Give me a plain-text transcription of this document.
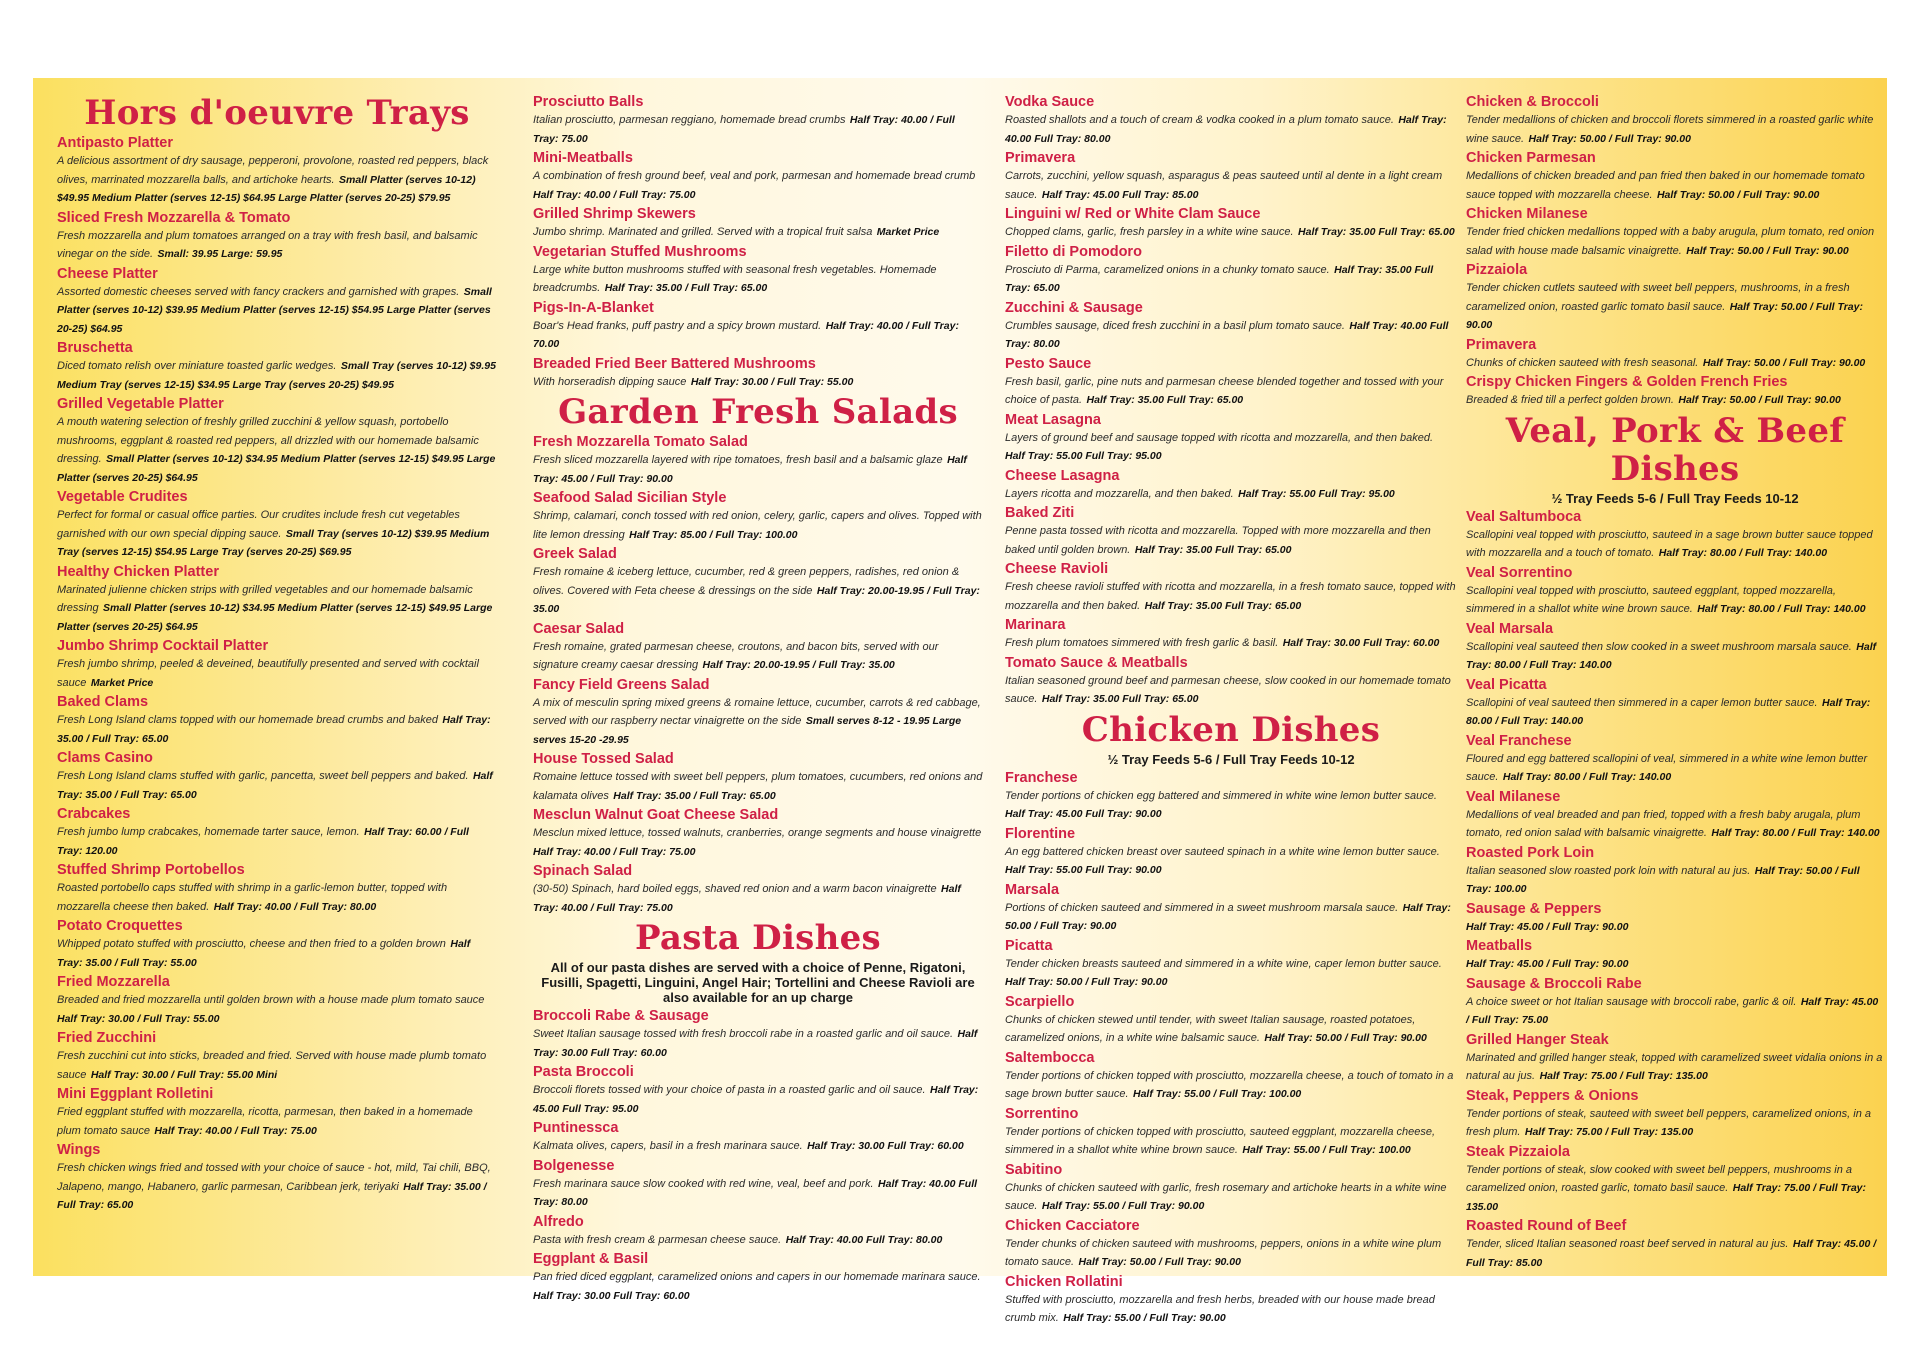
Hors d'oeuvre Trays
Antipasto Platter
A delicious assortment of dry sausage, pepperoni, provolone, roasted red peppers, black olives, marrinated mozzarella balls, and artichoke hearts. Small Platter (serves 10-12) $49.95 Medium Platter (serves 12-15) $64.95 Large Platter (serves 20-25) $79.95
Sliced Fresh Mozzarella & Tomato
Fresh mozzarella and plum tomatoes arranged on a tray with fresh basil, and balsamic vinegar on the side. Small: 39.95 Large: 59.95
Cheese Platter
Assorted domestic cheeses served with fancy crackers and garnished with grapes. Small Platter (serves 10-12) $39.95 Medium Platter (serves 12-15) $54.95 Large Platter (serves 20-25) $64.95
Bruschetta
Diced tomato relish over miniature toasted garlic wedges. Small Tray (serves 10-12) $9.95 Medium Tray (serves 12-15) $34.95 Large Tray (serves 20-25) $49.95
Grilled Vegetable Platter
A mouth watering selection of freshly grilled zucchini & yellow squash, portobello mushrooms, eggplant & roasted red peppers, all drizzled with our homemade balsamic dressing. Small Platter (serves 10-12) $34.95 Medium Platter (serves 12-15) $49.95 Large Platter (serves 20-25) $64.95
Vegetable Crudites
Perfect for formal or casual office parties. Our crudites include fresh cut vegetables garnished with our own special dipping sauce. Small Tray (serves 10-12) $39.95 Medium Tray (serves 12-15) $54.95 Large Tray (serves 20-25) $69.95
Healthy Chicken Platter
Marinated julienne chicken strips with grilled vegetables and our homemade balsamic dressing Small Platter (serves 10-12) $34.95 Medium Platter (serves 12-15) $49.95 Large Platter (serves 20-25) $64.95
Jumbo Shrimp Cocktail Platter
Fresh jumbo shrimp, peeled & deveined, beautifully presented and served with cocktail sauce Market Price
Baked Clams
Fresh Long Island clams topped with our homemade bread crumbs and baked Half Tray: 35.00 / Full Tray: 65.00
Clams Casino
Fresh Long Island clams stuffed with garlic, pancetta, sweet bell peppers and baked. Half Tray: 35.00 / Full Tray: 65.00
Crabcakes
Fresh jumbo lump crabcakes, homemade tarter sauce, lemon. Half Tray: 60.00 / Full Tray: 120.00
Stuffed Shrimp Portobellos
Roasted portobello caps stuffed with shrimp in a garlic-lemon butter, topped with mozzarella cheese then baked. Half Tray: 40.00 / Full Tray: 80.00
Potato Croquettes
Whipped potato stuffed with prosciutto, cheese and then fried to a golden brown Half Tray: 35.00 / Full Tray: 55.00
Fried Mozzarella
Breaded and fried mozzarella until golden brown with a house made plum tomato sauce Half Tray: 30.00 / Full Tray: 55.00
Fried Zucchini
Fresh zucchini cut into sticks, breaded and fried. Served with house made plumb tomato sauce Half Tray: 30.00 / Full Tray: 55.00 Mini
Mini Eggplant Rolletini
Fried eggplant stuffed with mozzarella, ricotta, parmesan, then baked in a homemade plum tomato sauce Half Tray: 40.00 / Full Tray: 75.00
Wings
Fresh chicken wings fried and tossed with your choice of sauce - hot, mild, Tai chili, BBQ, Jalapeno, mango, Habanero, garlic parmesan, Caribbean jerk, teriyaki Half Tray: 35.00 / Full Tray: 65.00
Prosciutto Balls
Italian prosciutto, parmesan reggiano, homemade bread crumbs Half Tray: 40.00 / Full Tray: 75.00
Mini-Meatballs
A combination of fresh ground beef, veal and pork, parmesan and homemade bread crumb Half Tray: 40.00 / Full Tray: 75.00
Grilled Shrimp Skewers
Jumbo shrimp. Marinated and grilled. Served with a tropical fruit salsa Market Price
Vegetarian Stuffed Mushrooms
Large white button mushrooms stuffed with seasonal fresh vegetables. Homemade breadcrumbs. Half Tray: 35.00 / Full Tray: 65.00
Pigs-In-A-Blanket
Boar's Head franks, puff pastry and a spicy brown mustard. Half Tray: 40.00 / Full Tray: 70.00
Breaded Fried Beer Battered Mushrooms
With horseradish dipping sauce Half Tray: 30.00 / Full Tray: 55.00
Garden Fresh Salads
Fresh Mozzarella Tomato Salad
Fresh sliced mozzarella layered with ripe tomatoes, fresh basil and a balsamic glaze Half Tray: 45.00 / Full Tray: 90.00
Seafood Salad Sicilian Style
Shrimp, calamari, conch tossed with red onion, celery, garlic, capers and olives. Topped with lite lemon dressing Half Tray: 85.00 / Full Tray: 100.00
Greek Salad
Fresh romaine & iceberg lettuce, cucumber, red & green peppers, radishes, red onion & olives. Covered with Feta cheese & dressings on the side Half Tray: 20.00-19.95 / Full Tray: 35.00
Caesar Salad
Fresh romaine, grated parmesan cheese, croutons, and bacon bits, served with our signature creamy caesar dressing Half Tray: 20.00-19.95 / Full Tray: 35.00
Fancy Field Greens Salad
A mix of mesculin spring mixed greens & romaine lettuce, cucumber, carrots & red cabbage, served with our raspberry nectar vinaigrette on the side Small serves 8-12 - 19.95 Large serves 15-20 -29.95
House Tossed Salad
Romaine lettuce tossed with sweet bell peppers, plum tomatoes, cucumbers, red onions and kalamata olives Half Tray: 35.00 / Full Tray: 65.00
Mesclun Walnut Goat Cheese Salad
Mesclun mixed lettuce, tossed walnuts, cranberries, orange segments and house vinaigrette Half Tray: 40.00 / Full Tray: 75.00
Spinach Salad
(30-50) Spinach, hard boiled eggs, shaved red onion and a warm bacon vinaigrette Half Tray: 40.00 / Full Tray: 75.00
Pasta Dishes
All of our pasta dishes are served with a choice of Penne, Rigatoni, Fusilli, Spagetti, Linguini, Angel Hair; Tortellini and Cheese Ravioli are also available for an up charge
Broccoli Rabe & Sausage
Sweet Italian sausage tossed with fresh broccoli rabe in a roasted garlic and oil sauce. Half Tray: 30.00 Full Tray: 60.00
Pasta Broccoli
Broccoli florets tossed with your choice of pasta in a roasted garlic and oil sauce. Half Tray: 45.00 Full Tray: 95.00
Puntinessca
Kalmata olives, capers, basil in a fresh marinara sauce. Half Tray: 30.00 Full Tray: 60.00
Bolgenesse
Fresh marinara sauce slow cooked with red wine, veal, beef and pork. Half Tray: 40.00 Full Tray: 80.00
Alfredo
Pasta with fresh cream & parmesan cheese sauce. Half Tray: 40.00 Full Tray: 80.00
Eggplant & Basil
Pan fried diced eggplant, caramelized onions and capers in our homemade marinara sauce. Half Tray: 30.00 Full Tray: 60.00
Vodka Sauce
Roasted shallots and a touch of cream & vodka cooked in a plum tomato sauce. Half Tray: 40.00 Full Tray: 80.00
Primavera
Carrots, zucchini, yellow squash, asparagus & peas sauteed until al dente in a light cream sauce. Half Tray: 45.00 Full Tray: 85.00
Linguini w/ Red or White Clam Sauce
Chopped clams, garlic, fresh parsley in a white wine sauce. Half Tray: 35.00 Full Tray: 65.00
Filetto di Pomodoro
Prosciuto di Parma, caramelized onions in a chunky tomato sauce. Half Tray: 35.00 Full Tray: 65.00
Zucchini & Sausage
Crumbles sausage, diced fresh zucchini in a basil plum tomato sauce. Half Tray: 40.00 Full Tray: 80.00
Pesto Sauce
Fresh basil, garlic, pine nuts and parmesan cheese blended together and tossed with your choice of pasta. Half Tray: 35.00 Full Tray: 65.00
Meat Lasagna
Layers of ground beef and sausage topped with ricotta and mozzarella, and then baked. Half Tray: 55.00 Full Tray: 95.00
Cheese Lasagna
Layers ricotta and mozzarella, and then baked. Half Tray: 55.00 Full Tray: 95.00
Baked Ziti
Penne pasta tossed with ricotta and mozzarella. Topped with more mozzarella and then baked until golden brown. Half Tray: 35.00 Full Tray: 65.00
Cheese Ravioli
Fresh cheese ravioli stuffed with ricotta and mozzarella, in a fresh tomato sauce, topped with mozzarella and then baked. Half Tray: 35.00 Full Tray: 65.00
Marinara
Fresh plum tomatoes simmered with fresh garlic & basil. Half Tray: 30.00 Full Tray: 60.00
Tomato Sauce & Meatballs
Italian seasoned ground beef and parmesan cheese, slow cooked in our homemade tomato sauce. Half Tray: 35.00 Full Tray: 65.00
Chicken Dishes
½ Tray Feeds 5-6 / Full Tray Feeds 10-12
Franchese
Tender portions of chicken egg battered and simmered in white wine lemon butter sauce. Half Tray: 45.00 Full Tray: 90.00
Florentine
An egg battered chicken breast over sauteed spinach in a white wine lemon butter sauce. Half Tray: 55.00 Full Tray: 90.00
Marsala
Portions of chicken sauteed and simmered in a sweet mushroom marsala sauce. Half Tray: 50.00 / Full Tray: 90.00
Picatta
Tender chicken breasts sauteed and simmered in a white wine, caper lemon butter sauce. Half Tray: 50.00 / Full Tray: 90.00
Scarpiello
Chunks of chicken stewed until tender, with sweet Italian sausage, roasted potatoes, caramelized onions, in a white wine balsamic sauce. Half Tray: 50.00 / Full Tray: 90.00
Saltembocca
Tender portions of chicken topped with prosciutto, mozzarella cheese, a touch of tomato in a sage brown butter sauce. Half Tray: 55.00 / Full Tray: 100.00
Sorrentino
Tender portions of chicken topped with prosciutto, sauteed eggplant, mozzarella cheese, simmered in a shallot white whine brown sauce. Half Tray: 55.00 / Full Tray: 100.00
Sabitino
Chunks of chicken sauteed with garlic, fresh rosemary and artichoke hearts in a white wine sauce. Half Tray: 55.00 / Full Tray: 90.00
Chicken Cacciatore
Tender chunks of chicken sauteed with mushrooms, peppers, onions in a white wine plum tomato sauce. Half Tray: 50.00 / Full Tray: 90.00
Chicken Rollatini
Stuffed with prosciutto, mozzarella and fresh herbs, breaded with our house made bread crumb mix. Half Tray: 55.00 / Full Tray: 90.00
Chicken & Broccoli
Tender medallions of chicken and broccoli florets simmered in a roasted garlic white wine sauce. Half Tray: 50.00 / Full Tray: 90.00
Chicken Parmesan
Medallions of chicken breaded and pan fried then baked in our homemade tomato sauce topped with mozzarella cheese. Half Tray: 50.00 / Full Tray: 90.00
Chicken Milanese
Tender fried chicken medallions topped with a baby arugula, plum tomato, red onion salad with house made balsamic vinaigrette. Half Tray: 50.00 / Full Tray: 90.00
Pizzaiola
Tender chicken cutlets sauteed with sweet bell peppers, mushrooms, in a fresh caramelized onion, roasted garlic tomato basil sauce. Half Tray: 50.00 / Full Tray: 90.00
Primavera
Chunks of chicken sauteed with fresh seasonal. Half Tray: 50.00 / Full Tray: 90.00
Crispy Chicken Fingers & Golden French Fries
Breaded & fried till a perfect golden brown. Half Tray: 50.00 / Full Tray: 90.00
Veal, Pork & Beef Dishes
½ Tray Feeds 5-6 / Full Tray Feeds 10-12
Veal Saltumboca
Scallopini veal topped with prosciutto, sauteed in a sage brown butter sauce topped with mozzarella and a touch of tomato. Half Tray: 80.00 / Full Tray: 140.00
Veal Sorrentino
Scallopini veal topped with prosciutto, sauteed eggplant, topped mozzarella, simmered in a shallot white wine brown sauce. Half Tray: 80.00 / Full Tray: 140.00
Veal Marsala
Scallopini veal sauteed then slow cooked in a sweet mushroom marsala sauce. Half Tray: 80.00 / Full Tray: 140.00
Veal Picatta
Scallopini of veal sauteed then simmered in a caper lemon butter sauce. Half Tray: 80.00 / Full Tray: 140.00
Veal Franchese
Floured and egg battered scallopini of veal, simmered in a white wine lemon butter sauce. Half Tray: 80.00 / Full Tray: 140.00
Veal Milanese
Medallions of veal breaded and pan fried, topped with a fresh baby arugala, plum tomato, red onion salad with balsamic vinaigrette. Half Tray: 80.00 / Full Tray: 140.00
Roasted Pork Loin
Italian seasoned slow roasted pork loin with natural au jus. Half Tray: 50.00 / Full Tray: 100.00
Sausage & Peppers
Half Tray: 45.00 / Full Tray: 90.00
Meatballs
Half Tray: 45.00 / Full Tray: 90.00
Sausage & Broccoli Rabe
A choice sweet or hot Italian sausage with broccoli rabe, garlic & oil. Half Tray: 45.00 / Full Tray: 75.00
Grilled Hanger Steak
Marinated and grilled hanger steak, topped with caramelized sweet vidalia onions in a natural au jus. Half Tray: 75.00 / Full Tray: 135.00
Steak, Peppers & Onions
Tender portions of steak, sauteed with sweet bell peppers, caramelized onions, in a fresh plum. Half Tray: 75.00 / Full Tray: 135.00
Steak Pizzaiola
Tender portions of steak, slow cooked with sweet bell peppers, mushrooms in a caramelized onion, roasted garlic, tomato basil sauce. Half Tray: 75.00 / Full Tray: 135.00
Roasted Round of Beef
Tender, sliced Italian seasoned roast beef served in natural au jus. Half Tray: 45.00 / Full Tray: 85.00
